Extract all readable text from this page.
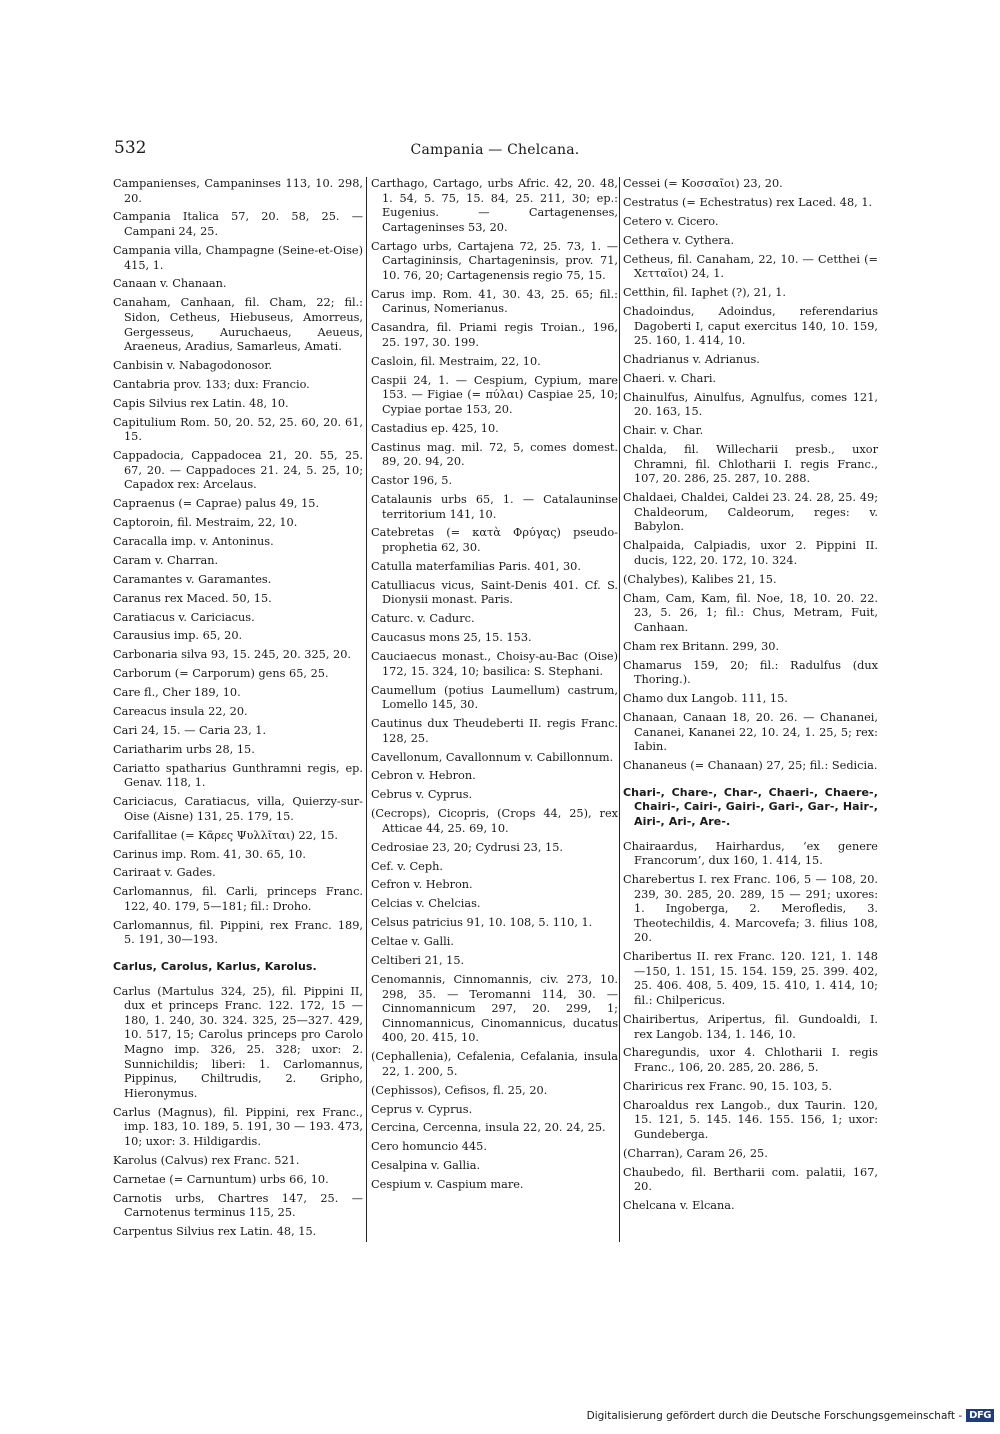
532	Campania — Chelcana.
Campanienses, Campaninses 113, 10. 298, 20.
Campania Italica 57, 20. 58, 25. — Campani 24, 25.
Campania villa, Champagne (Seine-et-Oise) 415, 1.
Canaan v. Chanaan.
Canaham, Canhaan, fil. Cham, 22; fil.: Sidon, Cetheus, Hiebuseus, Amorreus, Gergesseus, Auruchaeus, Aeueus, Araeneus, Aradius, Samarleus, Amati.
Canbisin v. Nabagodonosor.
Cantabria prov. 133; dux: Francio.
Capis Silvius rex Latin. 48, 10.
Capitulium Rom. 50, 20. 52, 25. 60, 20. 61, 15.
Cappadocia, Cappadocea 21, 20. 55, 25. 67, 20. — Cappadoces 21. 24, 5. 25, 10; Capadox rex: Arcelaus.
Capraenus (= Caprae) palus 49, 15.
Captoroin, fil. Mestraim, 22, 10.
Caracalla imp. v. Antoninus.
Caram v. Charran.
Caramantes v. Garamantes.
Caranus rex Maced. 50, 15.
Caratiacus v. Cariciacus.
Carausius imp. 65, 20.
Carbonaria silva 93, 15. 245, 20. 325, 20.
Carborum (= Carporum) gens 65, 25.
Care fl., Cher 189, 10.
Careacus insula 22, 20.
Cari 24, 15. — Caria 23, 1.
Cariatharim urbs 28, 15.
Cariatto spatharius Gunthramni regis, ep. Genav. 118, 1.
Cariciacus, Caratiacus, villa, Quierzy-sur-Oise (Aisne) 131, 25. 179, 15.
Carifallitae (= Κᾶρες Ψυλλῖται) 22, 15.
Carinus imp. Rom. 41, 30. 65, 10.
Cariraat v. Gades.
Carlomannus, fil. Carli, princeps Franc. 122, 40. 179, 5—181; fil.: Droho.
Carlomannus, fil. Pippini, rex Franc. 189, 5. 191, 30—193.
Carlus, Carolus, Karlus, Karolus.
Carlus (Martulus 324, 25), fil. Pippini II, dux et princeps Franc. 122. 172, 15 —180, 1. 240, 30. 324. 325, 25—327. 429, 10. 517, 15; Carolus princeps pro Carolo Magno imp. 326, 25. 328; uxor: 2. Sunnichildis; liberi: 1. Carlomannus, Pippinus, Chiltrudis, 2. Gripho, Hieronymus.
Carlus (Magnus), fil. Pippini, rex Franc., imp. 183, 10. 189, 5. 191, 30 — 193. 473, 10; uxor: 3. Hildigardis.
Karolus (Calvus) rex Franc. 521.
Carnetae (= Carnuntum) urbs 66, 10.
Carnotis urbs, Chartres 147, 25. — Carnotenus terminus 115, 25.
Carpentus Silvius rex Latin. 48, 15.
Carthago, Cartago, urbs Afric. 42, 20. 48, 1. 54, 5. 75, 15. 84, 25. 211, 30; ep.: Eugenius. — Cartagenenses, Cartageninses 53, 20.
Cartago urbs, Cartajena 72, 25. 73, 1. — Cartagininsis, Chartageninsis, prov. 71, 10. 76, 20; Cartagenensis regio 75, 15.
Carus imp. Rom. 41, 30. 43, 25. 65; fil.: Carinus, Nomerianus.
Casandra, fil. Priami regis Troian., 196, 25. 197, 30. 199.
Casloin, fil. Mestraim, 22, 10.
Caspii 24, 1. — Cespium, Cypium, mare 153. — Figiae (= πύλαι) Caspiae 25, 10; Cypiae portae 153, 20.
Castadius ep. 425, 10.
Castinus mag. mil. 72, 5, comes domest. 89, 20. 94, 20.
Castor 196, 5.
Catalaunis urbs 65, 1. — Catalauninse territorium 141, 10.
Catebretas (= κατὰ Φρύγας) pseudo-prophetia 62, 30.
Catulla materfamilias Paris. 401, 30.
Catulliacus vicus, Saint-Denis 401. Cf. S. Dionysii monast. Paris.
Caturc. v. Cadurc.
Caucasus mons 25, 15. 153.
Cauciaecus monast., Choisy-au-Bac (Oise) 172, 15. 324, 10; basilica: S. Stephani.
Caumellum (potius Laumellum) castrum, Lomello 145, 30.
Cautinus dux Theudeberti II. regis Franc. 128, 25.
Cavellonum, Cavallonnum v. Cabillonnum.
Cebron v. Hebron.
Cebrus v. Cyprus.
(Cecrops), Cicopris, (Crops 44, 25), rex Atticae 44, 25. 69, 10.
Cedrosiae 23, 20; Cydrusi 23, 15.
Cef. v. Ceph.
Cefron v. Hebron.
Celcias v. Chelcias.
Celsus patricius 91, 10. 108, 5. 110, 1.
Celtae v. Galli.
Celtiberi 21, 15.
Cenomannis, Cinnomannis, civ. 273, 10. 298, 35. — Teromanni 114, 30. — Cinnomannicum 297, 20. 299, 1; Cinnomannicus, Cinomannicus, ducatus 400, 20. 415, 10.
(Cephallenia), Cefalenia, Cefalania, insula 22, 1. 200, 5.
(Cephissos), Cefisos, fl. 25, 20.
Ceprus v. Cyprus.
Cercina, Cercenna, insula 22, 20. 24, 25.
Cero homuncio 445.
Cesalpina v. Gallia.
Cespium v. Caspium mare.
Cessei (= Κοσσαῖοι) 23, 20.
Cestratus (= Echestratus) rex Laced. 48, 1.
Cetero v. Cicero.
Cethera v. Cythera.
Cetheus, fil. Canaham, 22, 10. — Cetthei (= Χετταῖοι) 24, 1.
Cetthin, fil. Iaphet (?), 21, 1.
Chadoindus, Adoindus, referendarius Dagoberti I, caput exercitus 140, 10. 159, 25. 160, 1. 414, 10.
Chadrianus v. Adrianus.
Chaeri. v. Chari.
Chainulfus, Ainulfus, Agnulfus, comes 121, 20. 163, 15.
Chair. v. Char.
Chalda, fil. Willecharii presb., uxor Chramni, fil. Chlotharii I. regis Franc., 107, 20. 286, 25. 287, 10. 288.
Chaldaei, Chaldei, Caldei 23. 24. 28, 25. 49; Chaldeorum, Caldeorum, reges: v. Babylon.
Chalpaida, Calpiadis, uxor 2. Pippini II. ducis, 122, 20. 172, 10. 324.
(Chalybes), Kalibes 21, 15.
Cham, Cam, Kam, fil. Noe, 18, 10. 20. 22. 23, 5. 26, 1; fil.: Chus, Metram, Fuit, Canhaan.
Cham rex Britann. 299, 30.
Chamarus 159, 20; fil.: Radulfus (dux Thoring.).
Chamo dux Langob. 111, 15.
Chanaan, Canaan 18, 20. 26. — Chananei, Cananei, Kananei 22, 10. 24, 1. 25, 5; rex: Iabin.
Chananeus (= Chanaan) 27, 25; fil.: Sedicia.
Chari-, Chare-, Char-, Chaeri-, Chaere-, Chairi-, Cairi-, Gairi-, Gari-, Gar-, Hair-, Airi-, Ari-, Are-.
Chairaardus, Hairhardus, ‘ex genere Francorum’, dux 160, 1. 414, 15.
Charebertus I. rex Franc. 106, 5 — 108, 20. 239, 30. 285, 20. 289, 15 — 291; uxores: 1. Ingoberga, 2. Merofledis, 3. Theotechildis, 4. Marcovefa; 3. filius 108, 20.
Charibertus II. rex Franc. 120. 121, 1. 148—150, 1. 151, 15. 154. 159, 25. 399. 402, 25. 406. 408, 5. 409, 15. 410, 1. 414, 10; fil.: Chilpericus.
Chairibertus, Aripertus, fil. Gundoaldi, I. rex Langob. 134, 1. 146, 10.
Charegundis, uxor 4. Chlotharii I. regis Franc., 106, 20. 285, 20. 286, 5.
Chariricus rex Franc. 90, 15. 103, 5.
Charoaldus rex Langob., dux Taurin. 120, 15. 121, 5. 145. 146. 155. 156, 1; uxor: Gundeberga.
(Charran), Caram 26, 25.
Chaubedo, fil. Bertharii com. palatii, 167, 20.
Chelcana v. Elcana.
Digitalisierung gefördert durch die Deutsche Forschungsgemeinschaft - DFG
